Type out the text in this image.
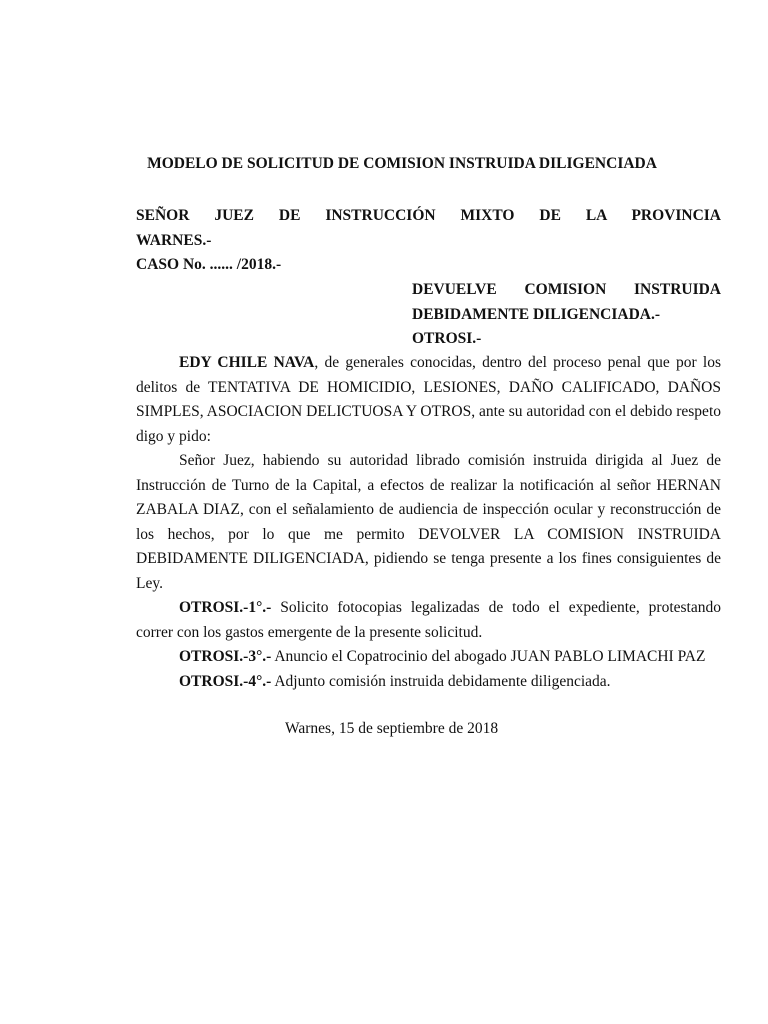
MODELO DE SOLICITUD DE COMISION INSTRUIDA DILIGENCIADA
SEÑOR JUEZ DE INSTRUCCIÓN MIXTO DE LA PROVINCIA
WARNES.-
CASO No. ...... /2018.-
DEVUELVE COMISION INSTRUIDA
DEBIDAMENTE DILIGENCIADA.-
OTROSI.-

EDY CHILE NAVA, de generales conocidas, dentro del proceso penal que por los delitos de TENTATIVA DE HOMICIDIO, LESIONES, DAÑO CALIFICADO, DAÑOS SIMPLES, ASOCIACION DELICTUOSA Y OTROS, ante su autoridad con el debido respeto digo y pido:

Señor Juez, habiendo su autoridad librado comisión instruida dirigida al Juez de Instrucción de Turno de la Capital, a efectos de realizar la notificación al señor HERNAN ZABALA DIAZ, con el señalamiento de audiencia de inspección ocular y reconstrucción de los hechos, por lo que me permito DEVOLVER LA COMISION INSTRUIDA DEBIDAMENTE DILIGENCIADA, pidiendo se tenga presente a los fines consiguientes de Ley.

OTROSI.-1°.- Solicito fotocopias legalizadas de todo el expediente, protestando correr con los gastos emergente de la presente solicitud.

OTROSI.-3°.- Anuncio el Copatrocinio del abogado JUAN PABLO LIMACHI PAZ

OTROSI.-4°.- Adjunto comisión instruida debidamente diligenciada.

Warnes, 15 de septiembre de 2018
